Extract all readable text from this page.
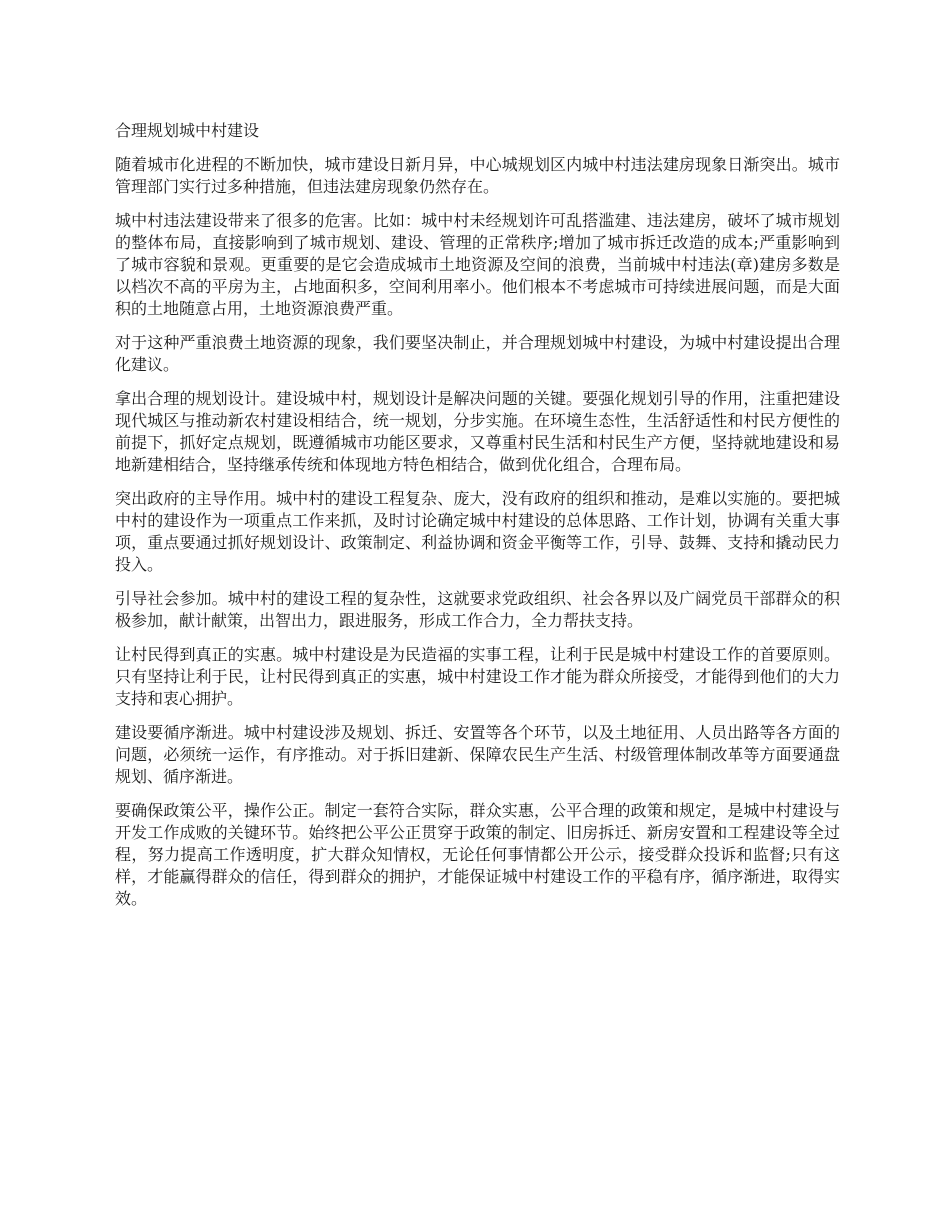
合理规划城中村建设

随着城市化进程的不断加快，城市建设日新月异，中心城规划区内城中村违法建房现象日渐突出。城市管理部门实行过多种措施，但违法建房现象仍然存在。

城中村违法建设带来了很多的危害。比如：城中村未经规划许可乱搭滥建、违法建房，破坏了城市规划的整体布局，直接影响到了城市规划、建设、管理的正常秩序;增加了城市拆迁改造的成本;严重影响到了城市容貌和景观。更重要的是它会造成城市土地资源及空间的浪费，当前城中村违法(章)建房多数是以档次不高的平房为主，占地面积多，空间利用率小。他们根本不考虑城市可持续进展问题，而是大面积的土地随意占用，土地资源浪费严重。

对于这种严重浪费土地资源的现象，我们要坚决制止，并合理规划城中村建设，为城中村建设提出合理化建议。

拿出合理的规划设计。建设城中村，规划设计是解决问题的关键。要强化规划引导的作用，注重把建设现代城区与推动新农村建设相结合，统一规划，分步实施。在环境生态性，生活舒适性和村民方便性的前提下，抓好定点规划，既遵循城市功能区要求，又尊重村民生活和村民生产方便，坚持就地建设和易地新建相结合，坚持继承传统和体现地方特色相结合，做到优化组合，合理布局。

突出政府的主导作用。城中村的建设工程复杂、庞大，没有政府的组织和推动，是难以实施的。要把城中村的建设作为一项重点工作来抓，及时讨论确定城中村建设的总体思路、工作计划，协调有关重大事项，重点要通过抓好规划设计、政策制定、利益协调和资金平衡等工作，引导、鼓舞、支持和撬动民力投入。

引导社会参加。城中村的建设工程的复杂性，这就要求党政组织、社会各界以及广阔党员干部群众的积极参加，献计献策，出智出力，跟进服务，形成工作合力，全力帮扶支持。

让村民得到真正的实惠。城中村建设是为民造福的实事工程，让利于民是城中村建设工作的首要原则。只有坚持让利于民，让村民得到真正的实惠，城中村建设工作才能为群众所接受，才能得到他们的大力支持和衷心拥护。

建设要循序渐进。城中村建设涉及规划、拆迁、安置等各个环节，以及土地征用、人员出路等各方面的问题，必须统一运作，有序推动。对于拆旧建新、保障农民生产生活、村级管理体制改革等方面要通盘规划、循序渐进。

要确保政策公平，操作公正。制定一套符合实际，群众实惠，公平合理的政策和规定，是城中村建设与开发工作成败的关键环节。始终把公平公正贯穿于政策的制定、旧房拆迁、新房安置和工程建设等全过程，努力提高工作透明度，扩大群众知情权，无论任何事情都公开公示，接受群众投诉和监督;只有这样，才能赢得群众的信任，得到群众的拥护，才能保证城中村建设工作的平稳有序，循序渐进，取得实效。
